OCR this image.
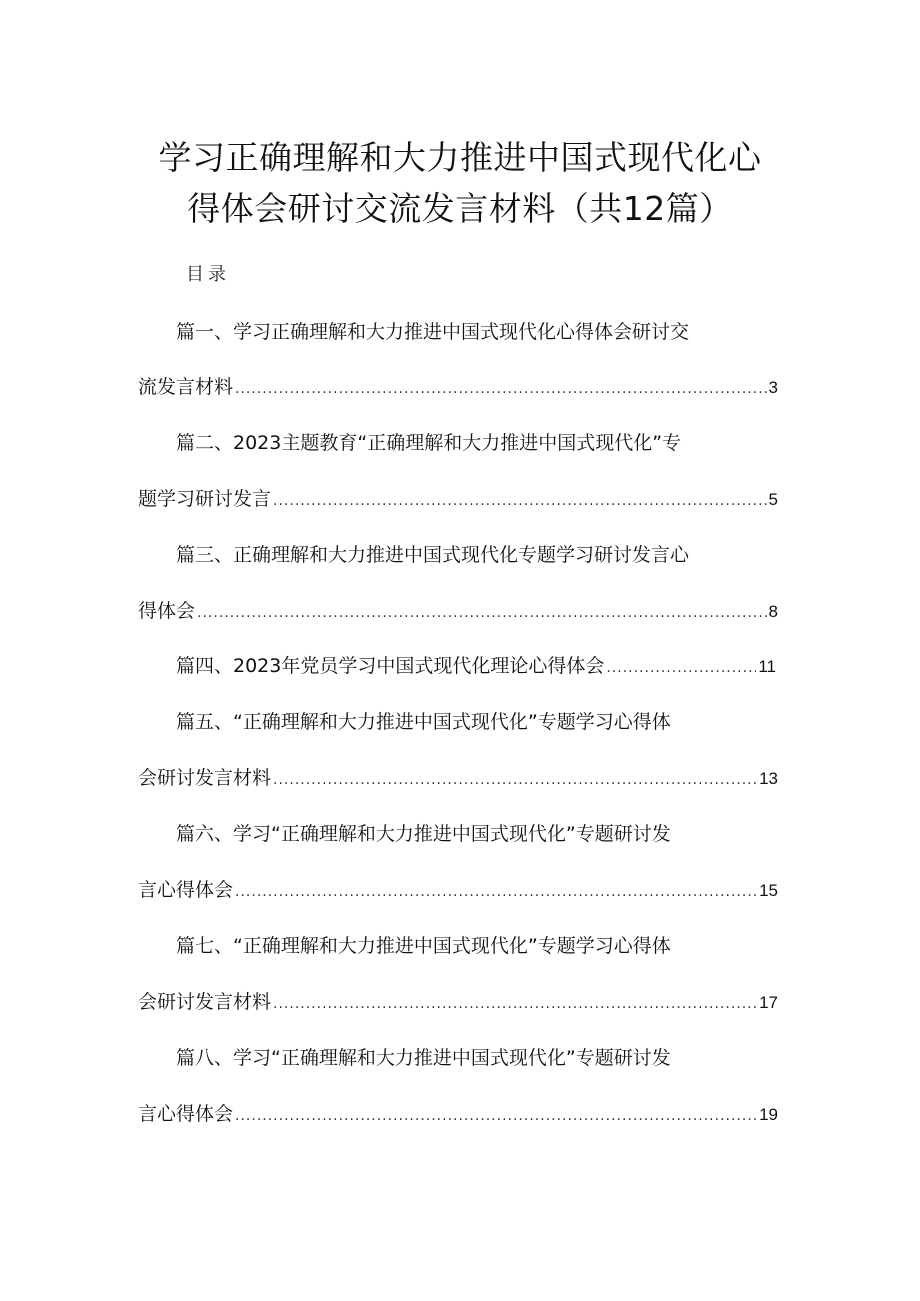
学习正确理解和大力推进中国式现代化心
得体会研讨交流发言材料（共12篇）
目录
篇一、学习正确理解和大力推进中国式现代化心得体会研讨交
流发言材料 .....	3
篇二、2023主题教育“正确理解和大力推进中国式现代化”专
题学习研讨发言 .....	5
篇三、正确理解和大力推进中国式现代化专题学习研讨发言心
得体会 .....	8
篇四、2023年党员学习中国式现代化理论心得体会 .....	11
篇五、“正确理解和大力推进中国式现代化”专题学习心得体
会研讨发言材料 .....	13
篇六、学习“正确理解和大力推进中国式现代化”专题研讨发
言心得体会 .....	15
篇七、“正确理解和大力推进中国式现代化”专题学习心得体
会研讨发言材料 .....	17
篇八、学习“正确理解和大力推进中国式现代化”专题研讨发
言心得体会 .....	19
